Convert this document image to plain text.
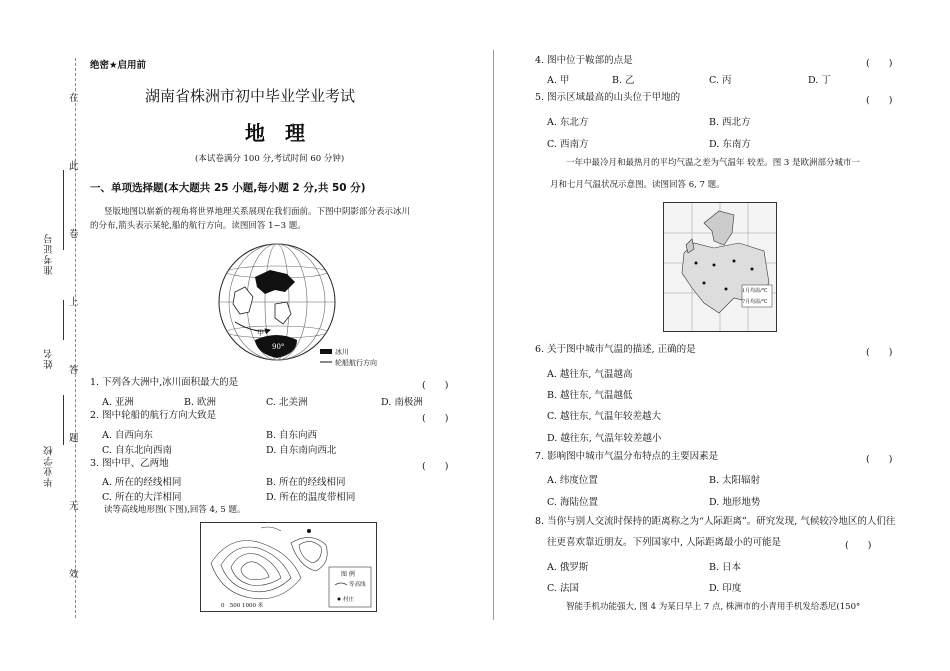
在
此
卷
上
答
题
无
效
准考证号
姓名
毕业学校
绝密★启用前
湖南省株洲市初中毕业学业考试
地　理
(本试卷满分 100 分,考试时间 60 分钟)
一、单项选择题(本大题共 25 小题,每小题 2 分,共 50 分)
竖版地图以崭新的视角将世界地理关系展现在我们面前。下图中阴影部分表示冰川
的分布,箭头表示某轮,船的航行方向。读图回答 1~3 题。
90°
甲
冰川
轮船航行方向
1. 下列各大洲中,冰川面积最大的是	(　　)
A. 亚洲	B. 欧洲	C. 北美洲	D. 南极洲
2. 图中轮船的航行方向大致是	(　　)
A. 自西向东	B. 自东向西
C. 自东北向西南	D. 自东南向西北
3. 图中甲、乙两地	(　　)
A. 所在的经线相同	B. 所在的经线相同
C. 所在的大洋相同	D. 所在的温度带相同
读等高线地形图(下图),回答 4, 5 题。
图 例
等高线
村庄
0   500 1000 米
4. 图中位于鞍部的点是	(　　)
A. 甲	B. 乙	C. 丙	D. 丁
5. 图示区域最高的山头位于甲地的	(　　)
A. 东北方	B. 西北方
C. 西南方	D. 东南方
一年中最冷月和最热月的平均气温之差为气温年 较差。图 3 是欧洲部分城市一
月和七月气温状况示意图。读图回答 6, 7 题。
1月均温/℃
7月均温/℃
6. 关于图中城市气温的描述, 正确的是	(　　)
A. 越往东, 气温越高
B. 越往东, 气温越低
C. 越往东, 气温年较差越大
D. 越往东, 气温年较差越小
7. 影响图中城市气温分布特点的主要因素是	(　　)
A. 纬度位置	B. 太阳辐射
C. 海陆位置	D. 地形地势
8. 当你与别人交流时保持的距离称之为“人际距离”。研究发现, 气候较冷地区的人们往
往更喜欢靠近朋友。下列国家中, 人际距离最小的可能是	(　　)
A. 俄罗斯	B. 日本
C. 法国	D. 印度
智能手机功能强大, 图 4 为某日早上 7 点, 株洲市的小青用手机发给悉尼(150°
